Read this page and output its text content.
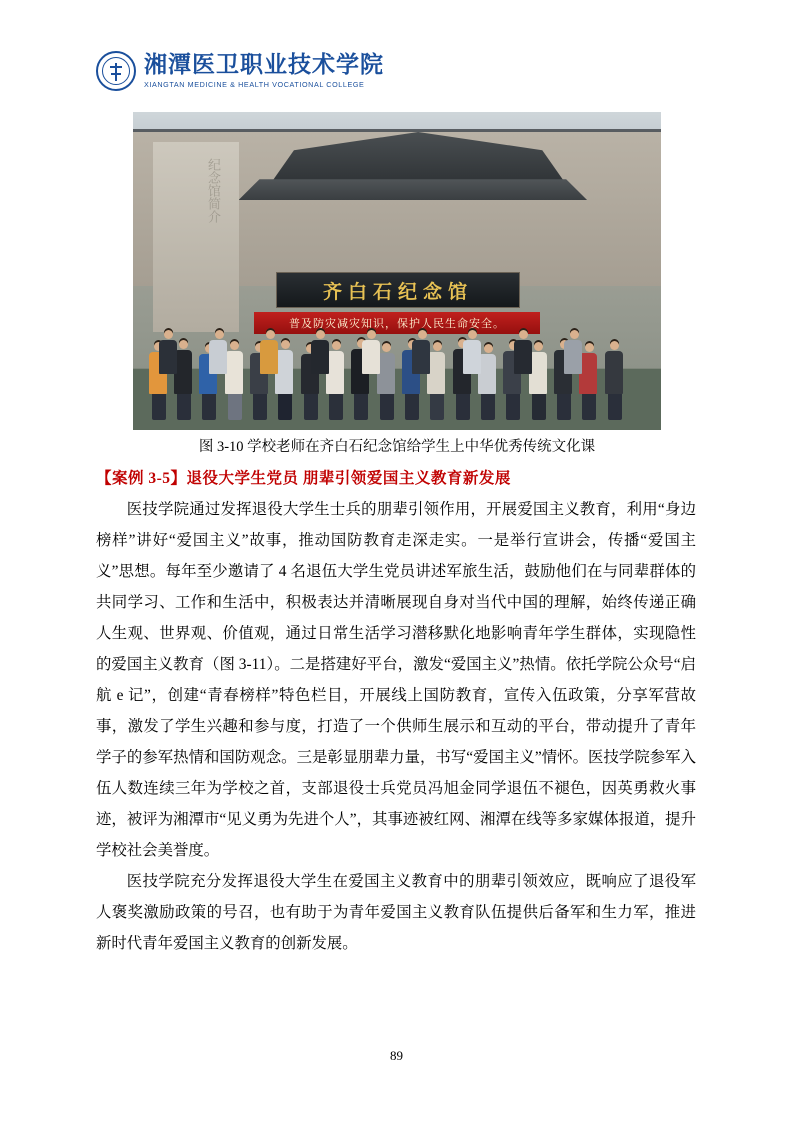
湘潭医卫职业技术学院
XIANGTAN MEDICINE & HEALTH VOCATIONAL COLLEGE
纪念馆简介
齐白石纪念馆
普及防灾减灾知识，保护人民生命安全。
图 3-10 学校老师在齐白石纪念馆给学生上中华优秀传统文化课
【案例 3-5】退役大学生党员 朋辈引领爱国主义教育新发展

医技学院通过发挥退役大学生士兵的朋辈引领作用，开展爱国主义教育，利用“身边榜样”讲好“爱国主义”故事，推动国防教育走深走实。一是举行宣讲会，传播“爱国主义”思想。每年至少邀请了 4 名退伍大学生党员讲述军旅生活，鼓励他们在与同辈群体的共同学习、工作和生活中，积极表达并清晰展现自身对当代中国的理解，始终传递正确人生观、世界观、价值观，通过日常生活学习潜移默化地影响青年学生群体，实现隐性的爱国主义教育（图 3-11）。二是搭建好平台，激发“爱国主义”热情。依托学院公众号“启航 e 记”，创建“青春榜样”特色栏目，开展线上国防教育，宣传入伍政策，分享军营故事，激发了学生兴趣和参与度，打造了一个供师生展示和互动的平台，带动提升了青年学子的参军热情和国防观念。三是彰显朋辈力量，书写“爱国主义”情怀。医技学院参军入伍人数连续三年为学校之首，支部退役士兵党员冯旭金同学退伍不褪色，因英勇救火事迹，被评为湘潭市“见义勇为先进个人”，其事迹被红网、湘潭在线等多家媒体报道，提升学校社会美誉度。

医技学院充分发挥退役大学生在爱国主义教育中的朋辈引领效应，既响应了退役军人褒奖激励政策的号召，也有助于为青年爱国主义教育队伍提供后备军和生力军，推进新时代青年爱国主义教育的创新发展。

89
